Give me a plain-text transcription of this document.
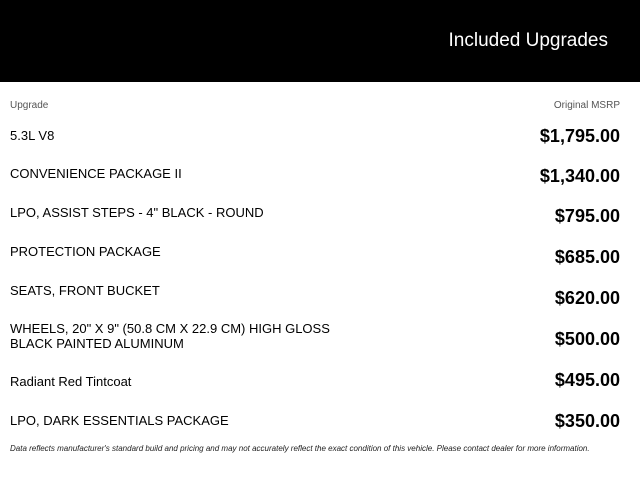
Included Upgrades
Upgrade	Original MSRP
5.3L V8	$1,795.00
CONVENIENCE PACKAGE II	$1,340.00
LPO, ASSIST STEPS - 4" BLACK - ROUND	$795.00
PROTECTION PACKAGE	$685.00
SEATS, FRONT BUCKET	$620.00
WHEELS, 20" X 9" (50.8 CM X 22.9 CM) HIGH GLOSS BLACK PAINTED ALUMINUM	$500.00
Radiant Red Tintcoat	$495.00
LPO, DARK ESSENTIALS PACKAGE	$350.00
Data reflects manufacturer's standard build and pricing and may not accurately reflect the exact condition of this vehicle. Please contact dealer for more information.
